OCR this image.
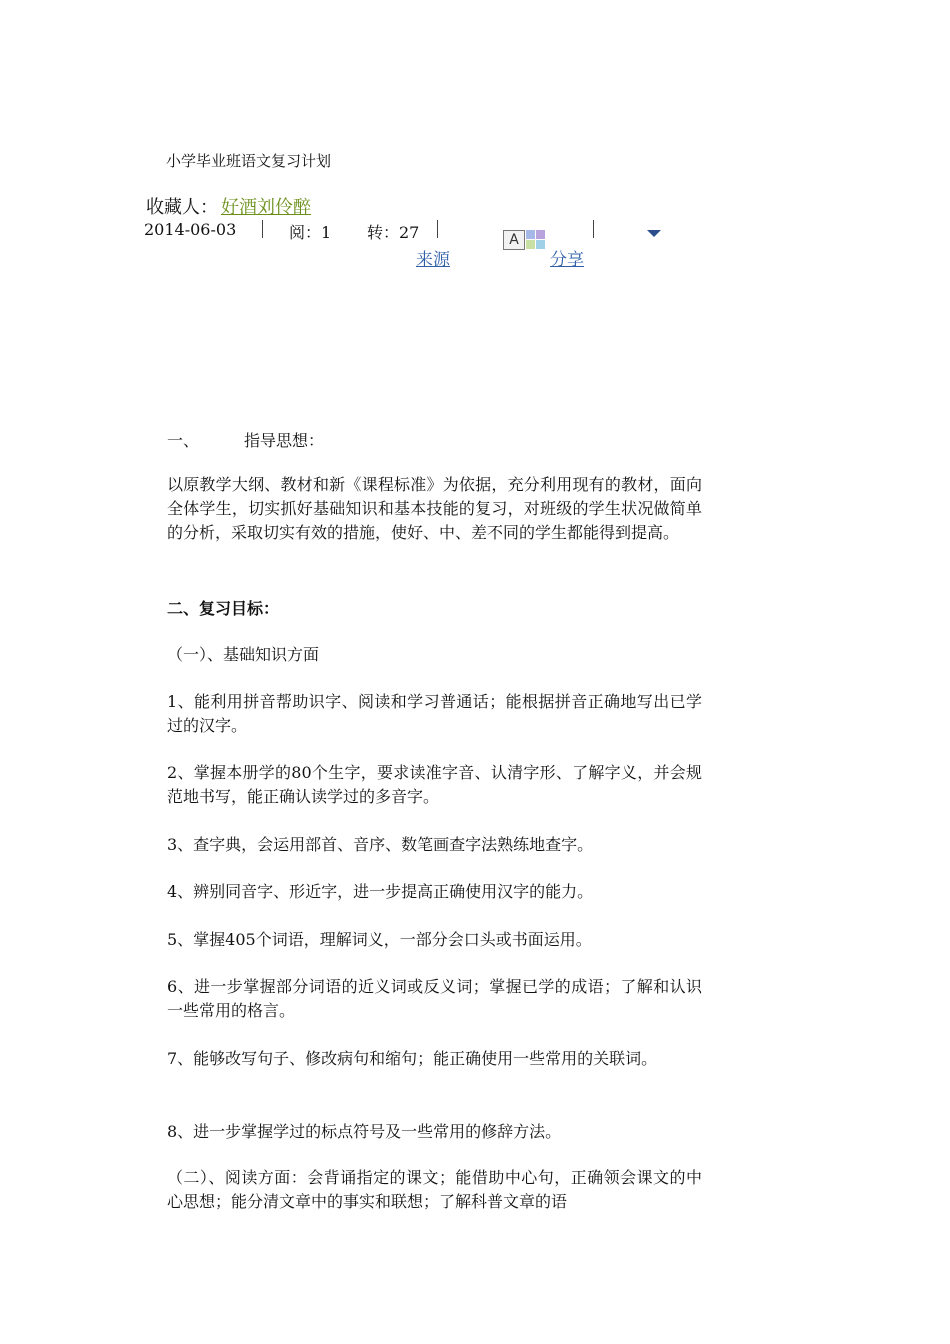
小学毕业班语文复习计划
收藏人： 好酒刘伶醉
2014-06-03	阅：1 转：27	A
来源	分享
一、	指导思想：
以原教学大纲、教材和新《课程标准》为依据，充分利用现有的教材，面向全体学生，切实抓好基础知识和基本技能的复习，对班级的学生状况做简单的分析，采取切实有效的措施，使好、中、差不同的学生都能得到提高。
二、复习目标：
（一）、基础知识方面
1、能利用拼音帮助识字、阅读和学习普通话；能根据拼音正确地写出已学过的汉字。
2、掌握本册学的80个生字，要求读准字音、认清字形、了解字义，并会规范地书写，能正确认读学过的多音字。
3、查字典，会运用部首、音序、数笔画查字法熟练地查字。
4、辨别同音字、形近字，进一步提高正确使用汉字的能力。
5、掌握405个词语，理解词义，一部分会口头或书面运用。
6、进一步掌握部分词语的近义词或反义词；掌握已学的成语；了解和认识一些常用的格言。
7、能够改写句子、修改病句和缩句；能正确使用一些常用的关联词。
8、进一步掌握学过的标点符号及一些常用的修辞方法。
（二）、阅读方面：会背诵指定的课文；能借助中心句，正确领会课文的中心思想；能分清文章中的事实和联想；了解科普文章的语
